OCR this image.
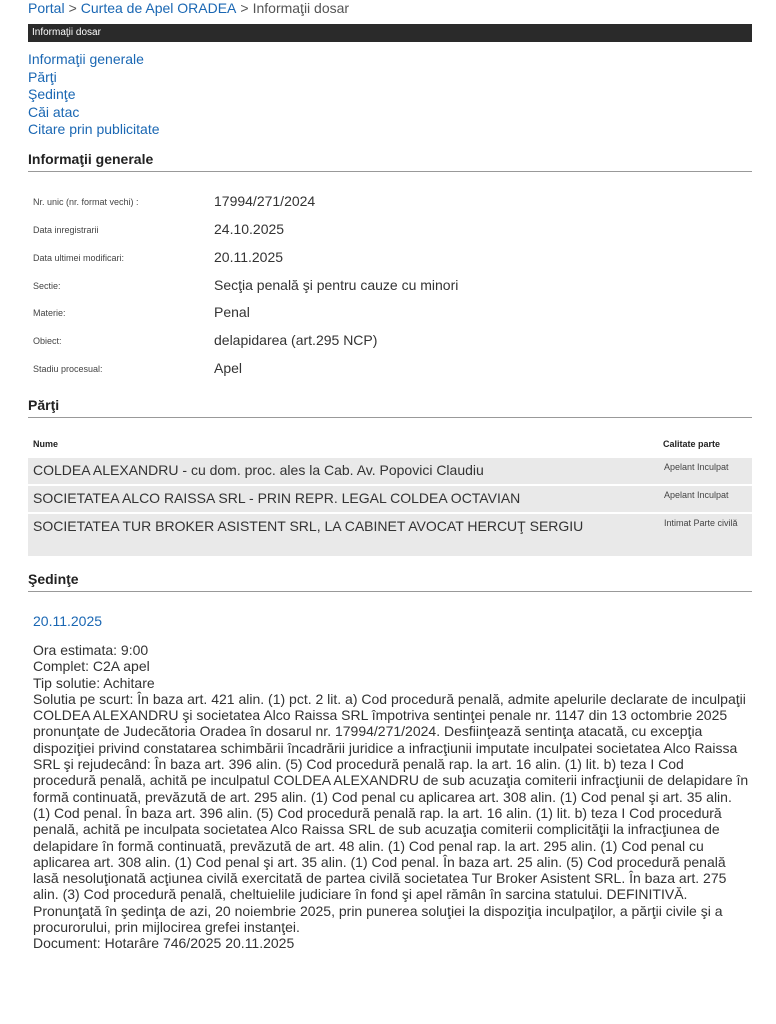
Portal > Curtea de Apel ORADEA > Informaţii dosar
Informaţii dosar
Informaţii generale
Părţi
Şedinţe
Căi atac
Citare prin publicitate
Informaţii generale
Nr. unic (nr. format vechi) :	17994/271/2024
Data inregistrarii	24.10.2025
Data ultimei modificari:	20.11.2025
Sectie:	Secţia penală şi pentru cauze cu minori
Materie:	Penal
Obiect:	delapidarea (art.295 NCP)
Stadiu procesual:	Apel
Părţi
Nume	Calitate parte
COLDEA ALEXANDRU - cu dom. proc. ales la Cab. Av. Popovici Claudiu	Apelant Inculpat
SOCIETATEA ALCO RAISSA SRL - PRIN REPR. LEGAL COLDEA OCTAVIAN	Apelant Inculpat
SOCIETATEA TUR BROKER ASISTENT SRL, LA CABINET AVOCAT HERCUŢ SERGIU	Intimat Parte civilă
Şedinţe
20.11.2025
Ora estimata: 9:00
Complet: C2A apel
Tip solutie: Achitare
Solutia pe scurt: În baza art. 421 alin. (1) pct. 2 lit. a) Cod procedură penală, admite apelurile declarate de inculpaţii COLDEA ALEXANDRU şi societatea Alco Raissa SRL împotriva sentinţei penale nr. 1147 din 13 octombrie 2025 pronunţate de Judecătoria Oradea în dosarul nr. 17994/271/2024. Desfiinţează sentinţa atacată, cu excepţia dispoziţiei privind constatarea schimbării încadrării juridice a infracţiunii imputate inculpatei societatea Alco Raissa SRL şi rejudecând: În baza art. 396 alin. (5) Cod procedură penală rap. la art. 16 alin. (1) lit. b) teza I Cod procedură penală, achită pe inculpatul COLDEA ALEXANDRU de sub acuzaţia comiterii infracţiunii de delapidare în formă continuată, prevăzută de art. 295 alin. (1) Cod penal cu aplicarea art. 308 alin. (1) Cod penal şi art. 35 alin. (1) Cod penal. În baza art. 396 alin. (5) Cod procedură penală rap. la art. 16 alin. (1) lit. b) teza I Cod procedură penală, achită pe inculpata societatea Alco Raissa SRL de sub acuzaţia comiterii complicităţii la infracţiunea de delapidare în formă continuată, prevăzută de art. 48 alin. (1) Cod penal rap. la art. 295 alin. (1) Cod penal cu aplicarea art. 308 alin. (1) Cod penal şi art. 35 alin. (1) Cod penal. În baza art. 25 alin. (5) Cod procedură penală lasă nesoluţionată acţiunea civilă exercitată de partea civilă societatea Tur Broker Asistent SRL. În baza art. 275 alin. (3) Cod procedură penală, cheltuielile judiciare în fond şi apel rămân în sarcina statului. DEFINITIVĂ. Pronunţată în şedinţa de azi, 20 noiembrie 2025, prin punerea soluţiei la dispoziţia inculpaţilor, a părţii civile şi a procurorului, prin mijlocirea grefei instanţei.
Document: Hotarâre 746/2025 20.11.2025
